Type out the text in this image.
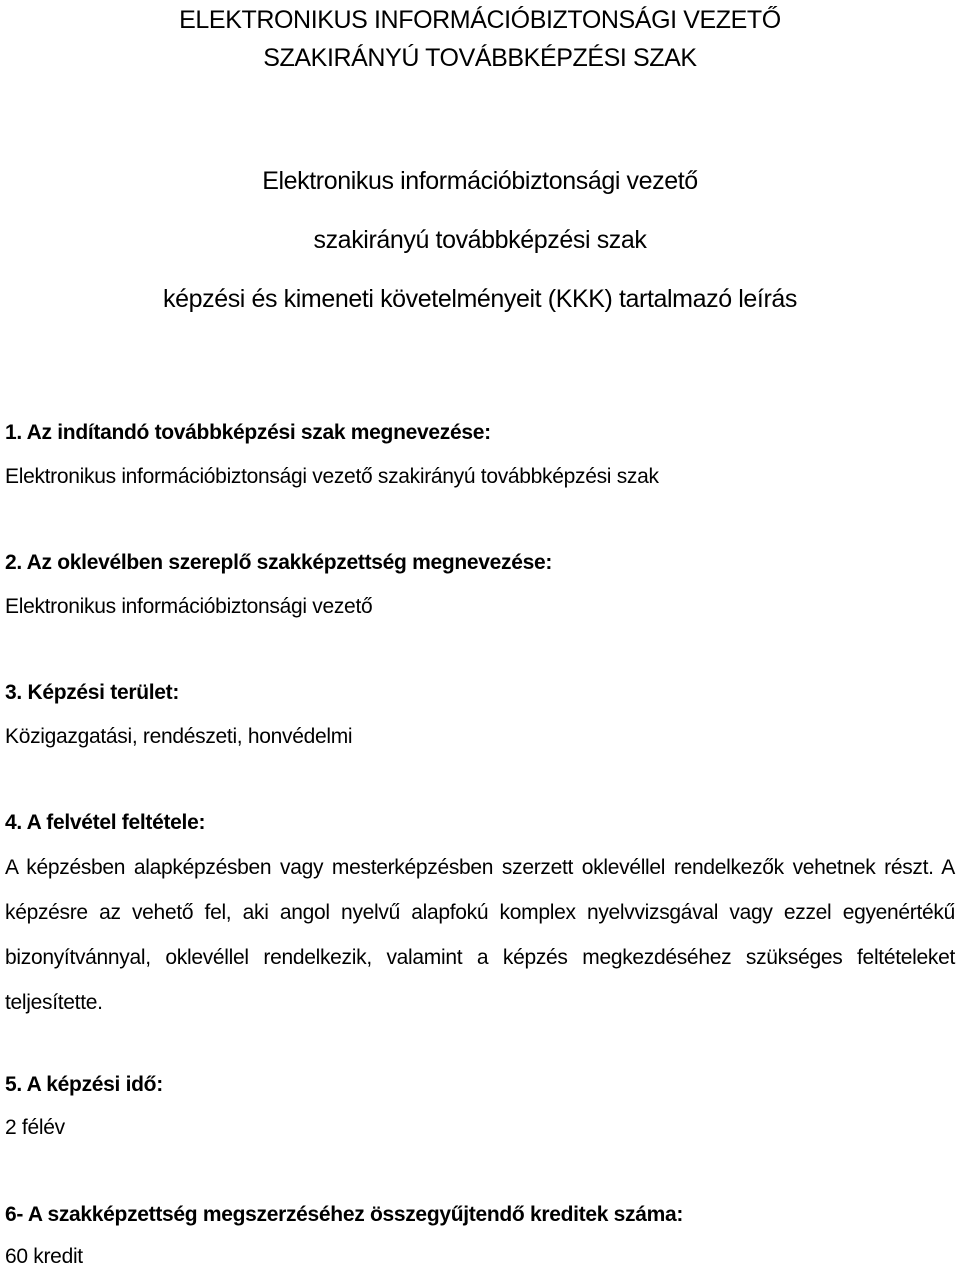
ELEKTRONIKUS INFORMÁCIÓBIZTONSÁGI VEZETŐ
SZAKIRÁNYÚ TOVÁBBKÉPZÉSI SZAK
Elektronikus információbiztonsági vezető
szakirányú továbbképzési szak
képzési és kimeneti követelményeit (KKK) tartalmazó leírás
1. Az indítandó továbbképzési szak megnevezése:
Elektronikus információbiztonsági vezető szakirányú továbbképzési szak
2. Az oklevélben szereplő szakképzettség megnevezése:
Elektronikus információbiztonsági vezető
3. Képzési terület:
Közigazgatási, rendészeti, honvédelmi
4. A felvétel feltétele:
A képzésben alapképzésben vagy mesterképzésben szerzett oklevéllel rendelkezők vehetnek részt. A
képzésre az vehető fel, aki angol nyelvű alapfokú komplex nyelvvizsgával vagy ezzel egyenértékű
bizonyítvánnyal, oklevéllel rendelkezik, valamint a képzés megkezdéséhez szükséges feltételeket
teljesítette.
5. A képzési idő:
2 félév
6- A szakképzettség megszerzéséhez összegyűjtendő kreditek száma:
60 kredit
